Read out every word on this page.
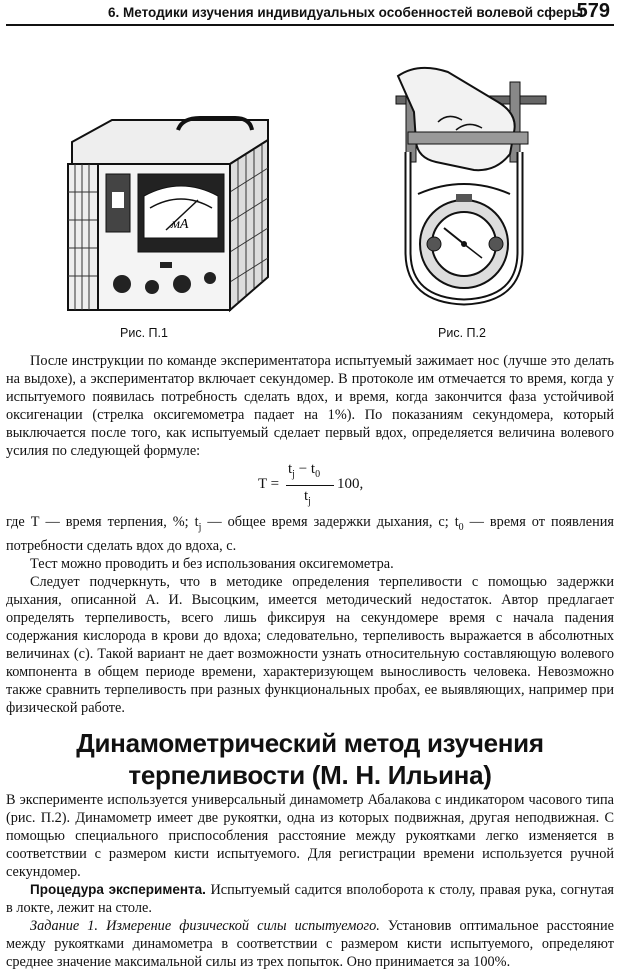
6. Методики изучения индивидуальных особенностей волевой сферы
579
мА
Рис. П.1	Рис. П.2

После инструкции по команде экспериментатора испытуемый зажимает нос (лучше это делать на выдохе), а экспериментатор включает секундомер. В протоколе им отмечается то время, когда у испытуемого появилась потребность сделать вдох, и время, когда закончится фаза устойчивой оксигенации (стрелка оксигемометра падает на 1%). По показаниям секундомера, который выключается после того, как испытуемый сделает первый вдох, определяется величина волевого усилия по следующей формуле:

T =
$t_j - t_0$
$t_j$
100,

где Т — время терпения, %; $t_j$ — общее время задержки дыхания, с; $t_0$ — время от появления потребности сделать вдох до вдоха, с.

Тест можно проводить и без использования оксигемометра.

Следует подчеркнуть, что в методике определения терпеливости с помощью задержки дыхания, описанной А. И. Высоцким, имеется методический недостаток. Автор предлагает определять терпеливость, всего лишь фиксируя на секундомере время с начала падения содержания кислорода в крови до вдоха; следовательно, терпеливость выражается в абсолютных величинах (с). Такой вариант не дает возможности узнать относительную составляющую волевого компонента в общем периоде времени, характеризующем выносливость человека. Невозможно также сравнить терпеливость при разных функциональных пробах, ее выявляющих, например при физической работе.

Динамометрический метод изучения
терпеливости (М. Н. Ильина)

В эксперименте используется универсальный динамометр Абалакова с индикатором часового типа (рис. П.2). Динамометр имеет две рукоятки, одна из которых подвижная, другая неподвижная. С помощью специального приспособления расстояние между рукоятками легко изменяется в соответствии с размером кисти испытуемого. Для регистрации времени используется ручной секундомер.

Процедура эксперимента. Испытуемый садится вполоборота к столу, правая рука, согнутая в локте, лежит на столе.

Задание 1. Измерение физической силы испытуемого. Установив оптимальное расстояние между рукоятками динамометра в соответствии с размером кисти испытуемого, определяют среднее значение максимальной силы из трех попыток. Оно принимается за 100%.
